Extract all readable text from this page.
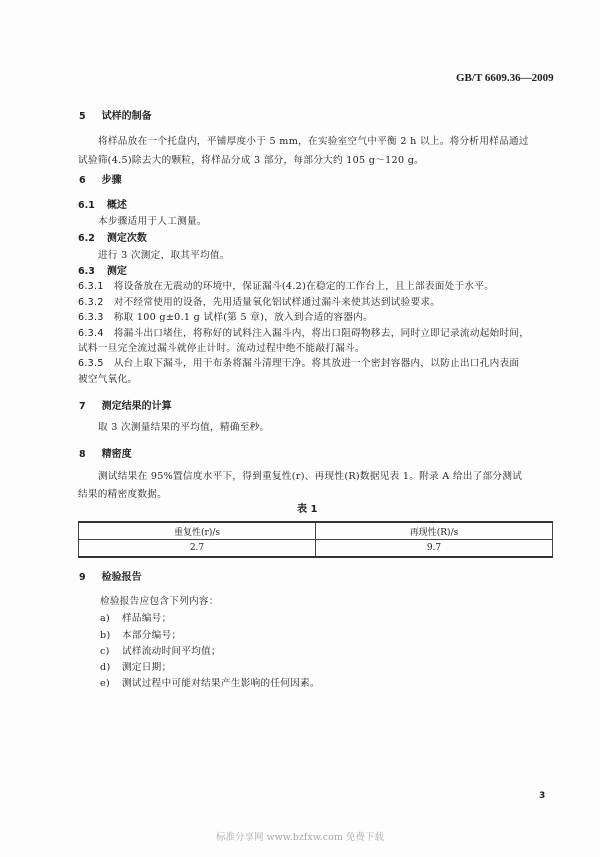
GB/T 6609.36—2009
5 试样的制备
将样品放在一个托盘内，平铺厚度小于 5 mm，在实验室空气中平衡 2 h 以上。将分析用样品通过
试验筛(4.5)除去大的颗粒，将样品分成 3 部分，每部分大约 105 g～120 g。
6 步骤
6.1 概述
本步骤适用于人工测量。
6.2 测定次数
进行 3 次测定，取其平均值。
6.3 测定
6.3.1 将设备放在无震动的环境中，保证漏斗(4.2)在稳定的工作台上，且上部表面处于水平。
6.3.2 对不经常使用的设备，先用适量氧化铝试样通过漏斗来使其达到试验要求。
6.3.3 称取 100 g±0.1 g 试样(第 5 章)，放入到合适的容器内。
6.3.4 将漏斗出口堵住，将称好的试料注入漏斗内，将出口阻碍物移去，同时立即记录流动起始时间，
试料一旦完全流过漏斗就停止计时。流动过程中绝不能敲打漏斗。
6.3.5 从台上取下漏斗，用干布条将漏斗清理干净。将其放进一个密封容器内，以防止出口孔内表面
被空气氧化。
7 测定结果的计算
取 3 次测量结果的平均值，精确至秒。
8 精密度
测试结果在 95%置信度水平下，得到重复性(r)、再现性(R)数据见表 1。附录 A 给出了部分测试
结果的精密度数据。
表 1
重复性(r)/s	再现性(R)/s
2.7	9.7
9 检验报告
检验报告应包含下列内容：
a) 样品编号；
b) 本部分编号；
c) 试样流动时间平均值；
d) 测定日期；
e) 测试过程中可能对结果产生影响的任何因素。
3
标准分享网 www.bzfxw.com 免费下载
